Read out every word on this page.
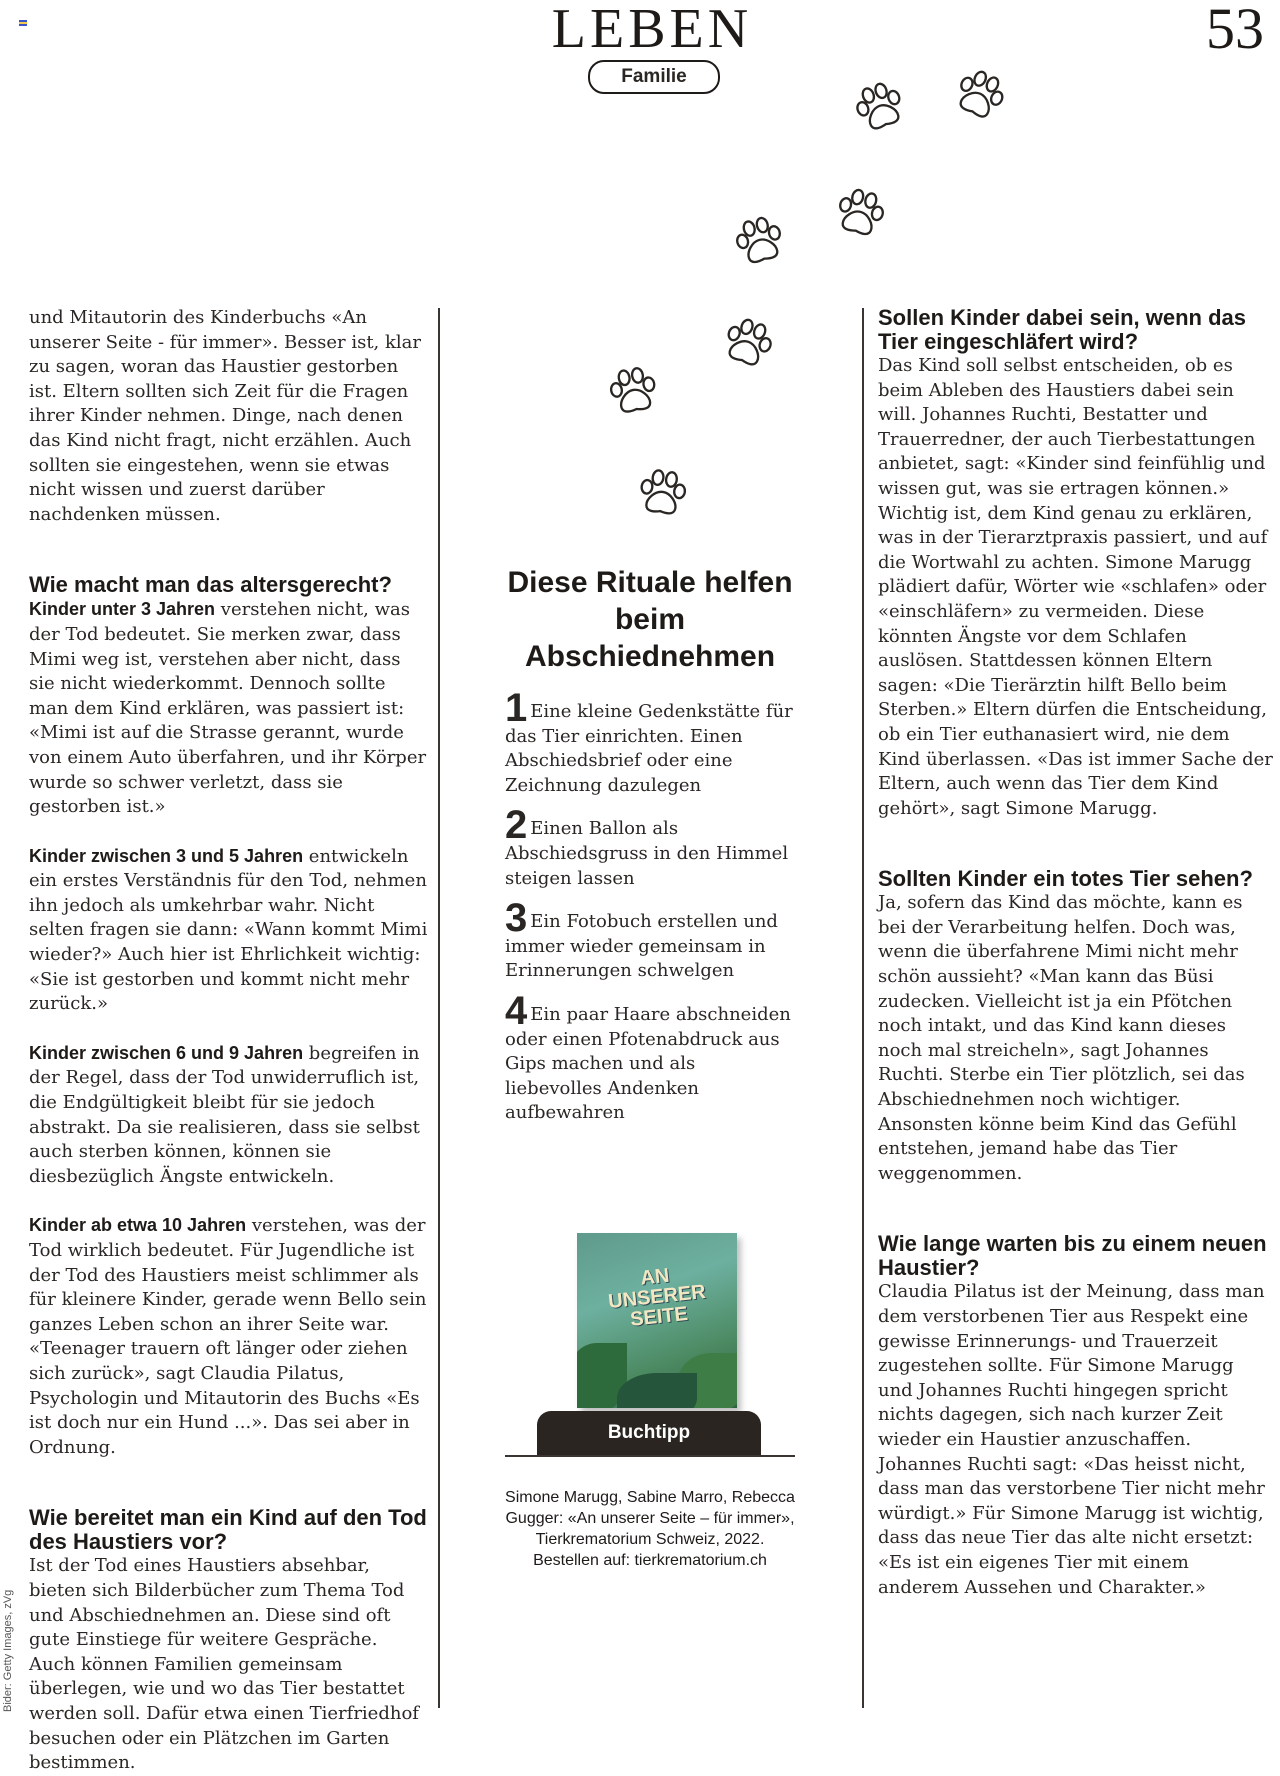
LEBEN
Familie
53

und Mitautorin des Kinderbuchs «An unserer Seite - für immer». Besser ist, klar zu sagen, woran das Haustier gestorben ist. Eltern sollten sich Zeit für die Fragen ihrer Kinder nehmen. Dinge, nach denen das Kind nicht fragt, nicht erzählen. Auch sollten sie eingestehen, wenn sie etwas nicht wissen und zuerst darüber nachdenken müssen.

Wie macht man das altersgerecht?

Kinder unter 3 Jahren verstehen nicht, was der Tod bedeutet. Sie merken zwar, dass Mimi weg ist, verstehen aber nicht, dass sie nicht wiederkommt. Dennoch sollte man dem Kind erklären, was passiert ist: «Mimi ist auf die Strasse gerannt, wurde von einem Auto überfahren, und ihr Körper wurde so schwer verletzt, dass sie gestorben ist.»

Kinder zwischen 3 und 5 Jahren entwickeln ein erstes Verständnis für den Tod, nehmen ihn jedoch als umkehrbar wahr. Nicht selten fragen sie dann: «Wann kommt Mimi wieder?» Auch hier ist Ehrlichkeit wichtig: «Sie ist gestorben und kommt nicht mehr zurück.»

Kinder zwischen 6 und 9 Jahren begreifen in der Regel, dass der Tod unwiderruflich ist, die Endgültigkeit bleibt für sie jedoch abstrakt. Da sie realisieren, dass sie selbst auch sterben können, können sie diesbezüglich Ängste entwickeln.

Kinder ab etwa 10 Jahren verstehen, was der Tod wirklich bedeutet. Für Jugendliche ist der Tod des Haustiers meist schlimmer als für kleinere Kinder, gerade wenn Bello sein ganzes Leben schon an ihrer Seite war. «Teenager trauern oft länger oder ziehen sich zurück», sagt Claudia Pilatus, Psychologin und Mitautorin des Buchs «Es ist doch nur ein Hund ...». Das sei aber in Ordnung.

Wie bereitet man ein Kind auf den Tod des Haustiers vor?

Ist der Tod eines Haustiers absehbar, bieten sich Bilderbücher zum Thema Tod und Abschiednehmen an. Diese sind oft gute Einstiege für weitere Gespräche. Auch können Familien gemeinsam überlegen, wie und wo das Tier bestattet werden soll. Dafür etwa einen Tierfriedhof besuchen oder ein Plätzchen im Garten bestimmen.

Diese Rituale helfen beim Abschiednehmen
1 Eine kleine Gedenkstätte für das Tier einrichten. Einen Abschiedsbrief oder eine Zeichnung dazulegen
2 Einen Ballon als Abschiedsgruss in den Himmel steigen lassen
3 Ein Fotobuch erstellen und immer wieder gemeinsam in Erinnerungen schwelgen
4 Ein paar Haare abschneiden oder einen Pfotenabdruck aus Gips machen und als liebevolles Andenken aufbewahren
AN UNSERER SEITE
Buchtipp
Simone Marugg, Sabine Marro, Rebecca Gugger: «An unserer Seite – für immer», Tierkrematorium Schweiz, 2022. Bestellen auf: tierkrematorium.ch
Sollen Kinder dabei sein, wenn das Tier eingeschläfert wird?

Das Kind soll selbst entscheiden, ob es beim Ableben des Haustiers dabei sein will. Johannes Ruchti, Bestatter und Trauerredner, der auch Tierbestattungen anbietet, sagt: «Kinder sind feinfühlig und wissen gut, was sie ertragen können.» Wichtig ist, dem Kind genau zu erklären, was in der Tierarztpraxis passiert, und auf die Wortwahl zu achten. Simone Marugg plädiert dafür, Wörter wie «schlafen» oder «einschläfern» zu vermeiden. Diese könnten Ängste vor dem Schlafen auslösen. Stattdessen können Eltern sagen: «Die Tierärztin hilft Bello beim Sterben.» Eltern dürfen die Entscheidung, ob ein Tier euthanasiert wird, nie dem Kind überlassen. «Das ist immer Sache der Eltern, auch wenn das Tier dem Kind gehört», sagt Simone Marugg.

Sollten Kinder ein totes Tier sehen?

Ja, sofern das Kind das möchte, kann es bei der Verarbeitung helfen. Doch was, wenn die überfahrene Mimi nicht mehr schön aussieht? «Man kann das Büsi zudecken. Vielleicht ist ja ein Pfötchen noch intakt, und das Kind kann dieses noch mal streicheln», sagt Johannes Ruchti. Sterbe ein Tier plötzlich, sei das Abschiednehmen noch wichtiger. Ansonsten könne beim Kind das Gefühl entstehen, jemand habe das Tier weggenommen.

Wie lange warten bis zu einem neuen Haustier?

Claudia Pilatus ist der Meinung, dass man dem verstorbenen Tier aus Respekt eine gewisse Erinnerungs- und Trauerzeit zugestehen sollte. Für Simone Marugg und Johannes Ruchti hingegen spricht nichts dagegen, sich nach kurzer Zeit wieder ein Haustier anzuschaffen. Johannes Ruchti sagt: «Das heisst nicht, dass man das verstorbene Tier nicht mehr würdigt.» Für Simone Marugg ist wichtig, dass das neue Tier das alte nicht ersetzt: «Es ist ein eigenes Tier mit einem anderem Aussehen und Charakter.»

Bider: Getty Images, zVg
